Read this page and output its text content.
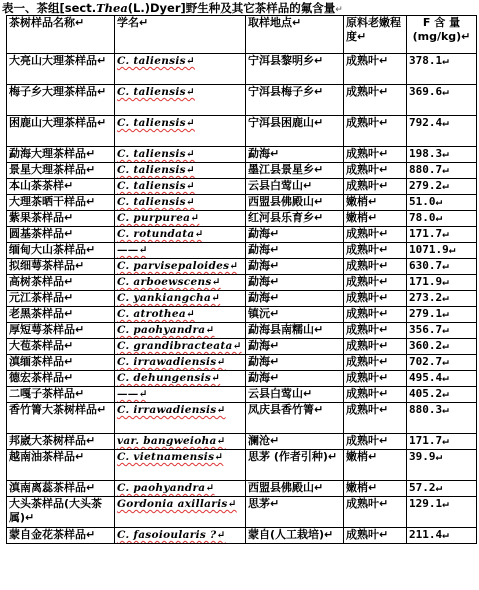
表一、茶组[sect.Thea(L.)Dyer]野生种及其它茶样品的氟含量↵
茶树样品名称↵	学名↵	取样地点↵	原料老嫩程度↵	F 含 量(mg/kg)↵
大亮山大理茶样品↵	C. taliensis↵	宁洱县黎明乡↵	成熟叶↵	378.1↵
梅子乡大理茶样品↵	C. taliensis↵	宁洱县梅子乡↵	成熟叶↵	369.6↵
困鹿山大理茶样品↵	C. taliensis↵	宁洱县困鹿山↵	成熟叶↵	792.4↵
勐海大理茶样品↵	C. taliensis↵	勐海↵	成熟叶↵	198.3↵
景星大理茶样品↵	C. taliensis↵	墨江县景星乡↵	成熟叶↵	880.7↵
本山茶茶样↵	C. taliensis↵	云县白莺山↵	成熟叶↵	279.2↵
大理茶晒干样品↵	C. taliensis↵	西盟县佛殿山↵	嫩梢↵	51.0↵
紫果茶样品↵	C. purpurea↵	红河县乐育乡↵	嫩梢↵	78.0↵
圆基茶样品↵	C. rotundata↵	勐海↵	成熟叶↵	171.7↵
缅甸大山茶样品↵	——↵	勐海↵	成熟叶↵	1071.9↵
拟细萼茶样品↵	C. parvisepaloides↵	勐海↵	成熟叶↵	630.7↵
高树茶样品↵	C. arboewscens↵	勐海↵	成熟叶↵	171.9↵
元江茶样品↵	C. yankiangcha↵	勐海↵	成熟叶↵	273.2↵
老黑茶样品↵	C. atrothea↵	镇沅↵	成熟叶↵	279.1↵
厚短萼茶样品↵	C. paohyandra↵	勐海县南糯山↵	成熟叶↵	356.7↵
大苞茶样品↵	C. grandibracteata↵	勐海↵	成熟叶↵	360.2↵
滇缅茶样品↵	C. irrawadiensis↵	勐海↵	成熟叶↵	702.7↵
德宏茶样品↵	C. dehungensis↵	勐海↵	成熟叶↵	495.4↵
二嘎子茶样品↵	——↵	云县白莺山↵	成熟叶↵	405.2↵
香竹箐大茶树样品↵	C. irrawadiensis↵	凤庆县香竹箐↵	成熟叶↵	880.3↵
邦崴大茶树样品↵	var. bangweioha↵	澜沧↵	成熟叶↵	171.7↵
越南油茶样品↵	C. vietnamensis↵	思茅 (作者引种)↵	嫩梢↵	39.9↵
滇南离蕊茶样品↵	C. paohyandra↵	西盟县佛殿山↵	嫩梢↵	57.2↵
大头茶样品(大头茶属)↵	Gordonia axillaris↵	思茅↵	成熟叶↵	129.1↵
蒙自金花茶样品↵	C. fasoioularis ?↵	蒙自(人工栽培)↵	成熟叶↵	211.4↵
